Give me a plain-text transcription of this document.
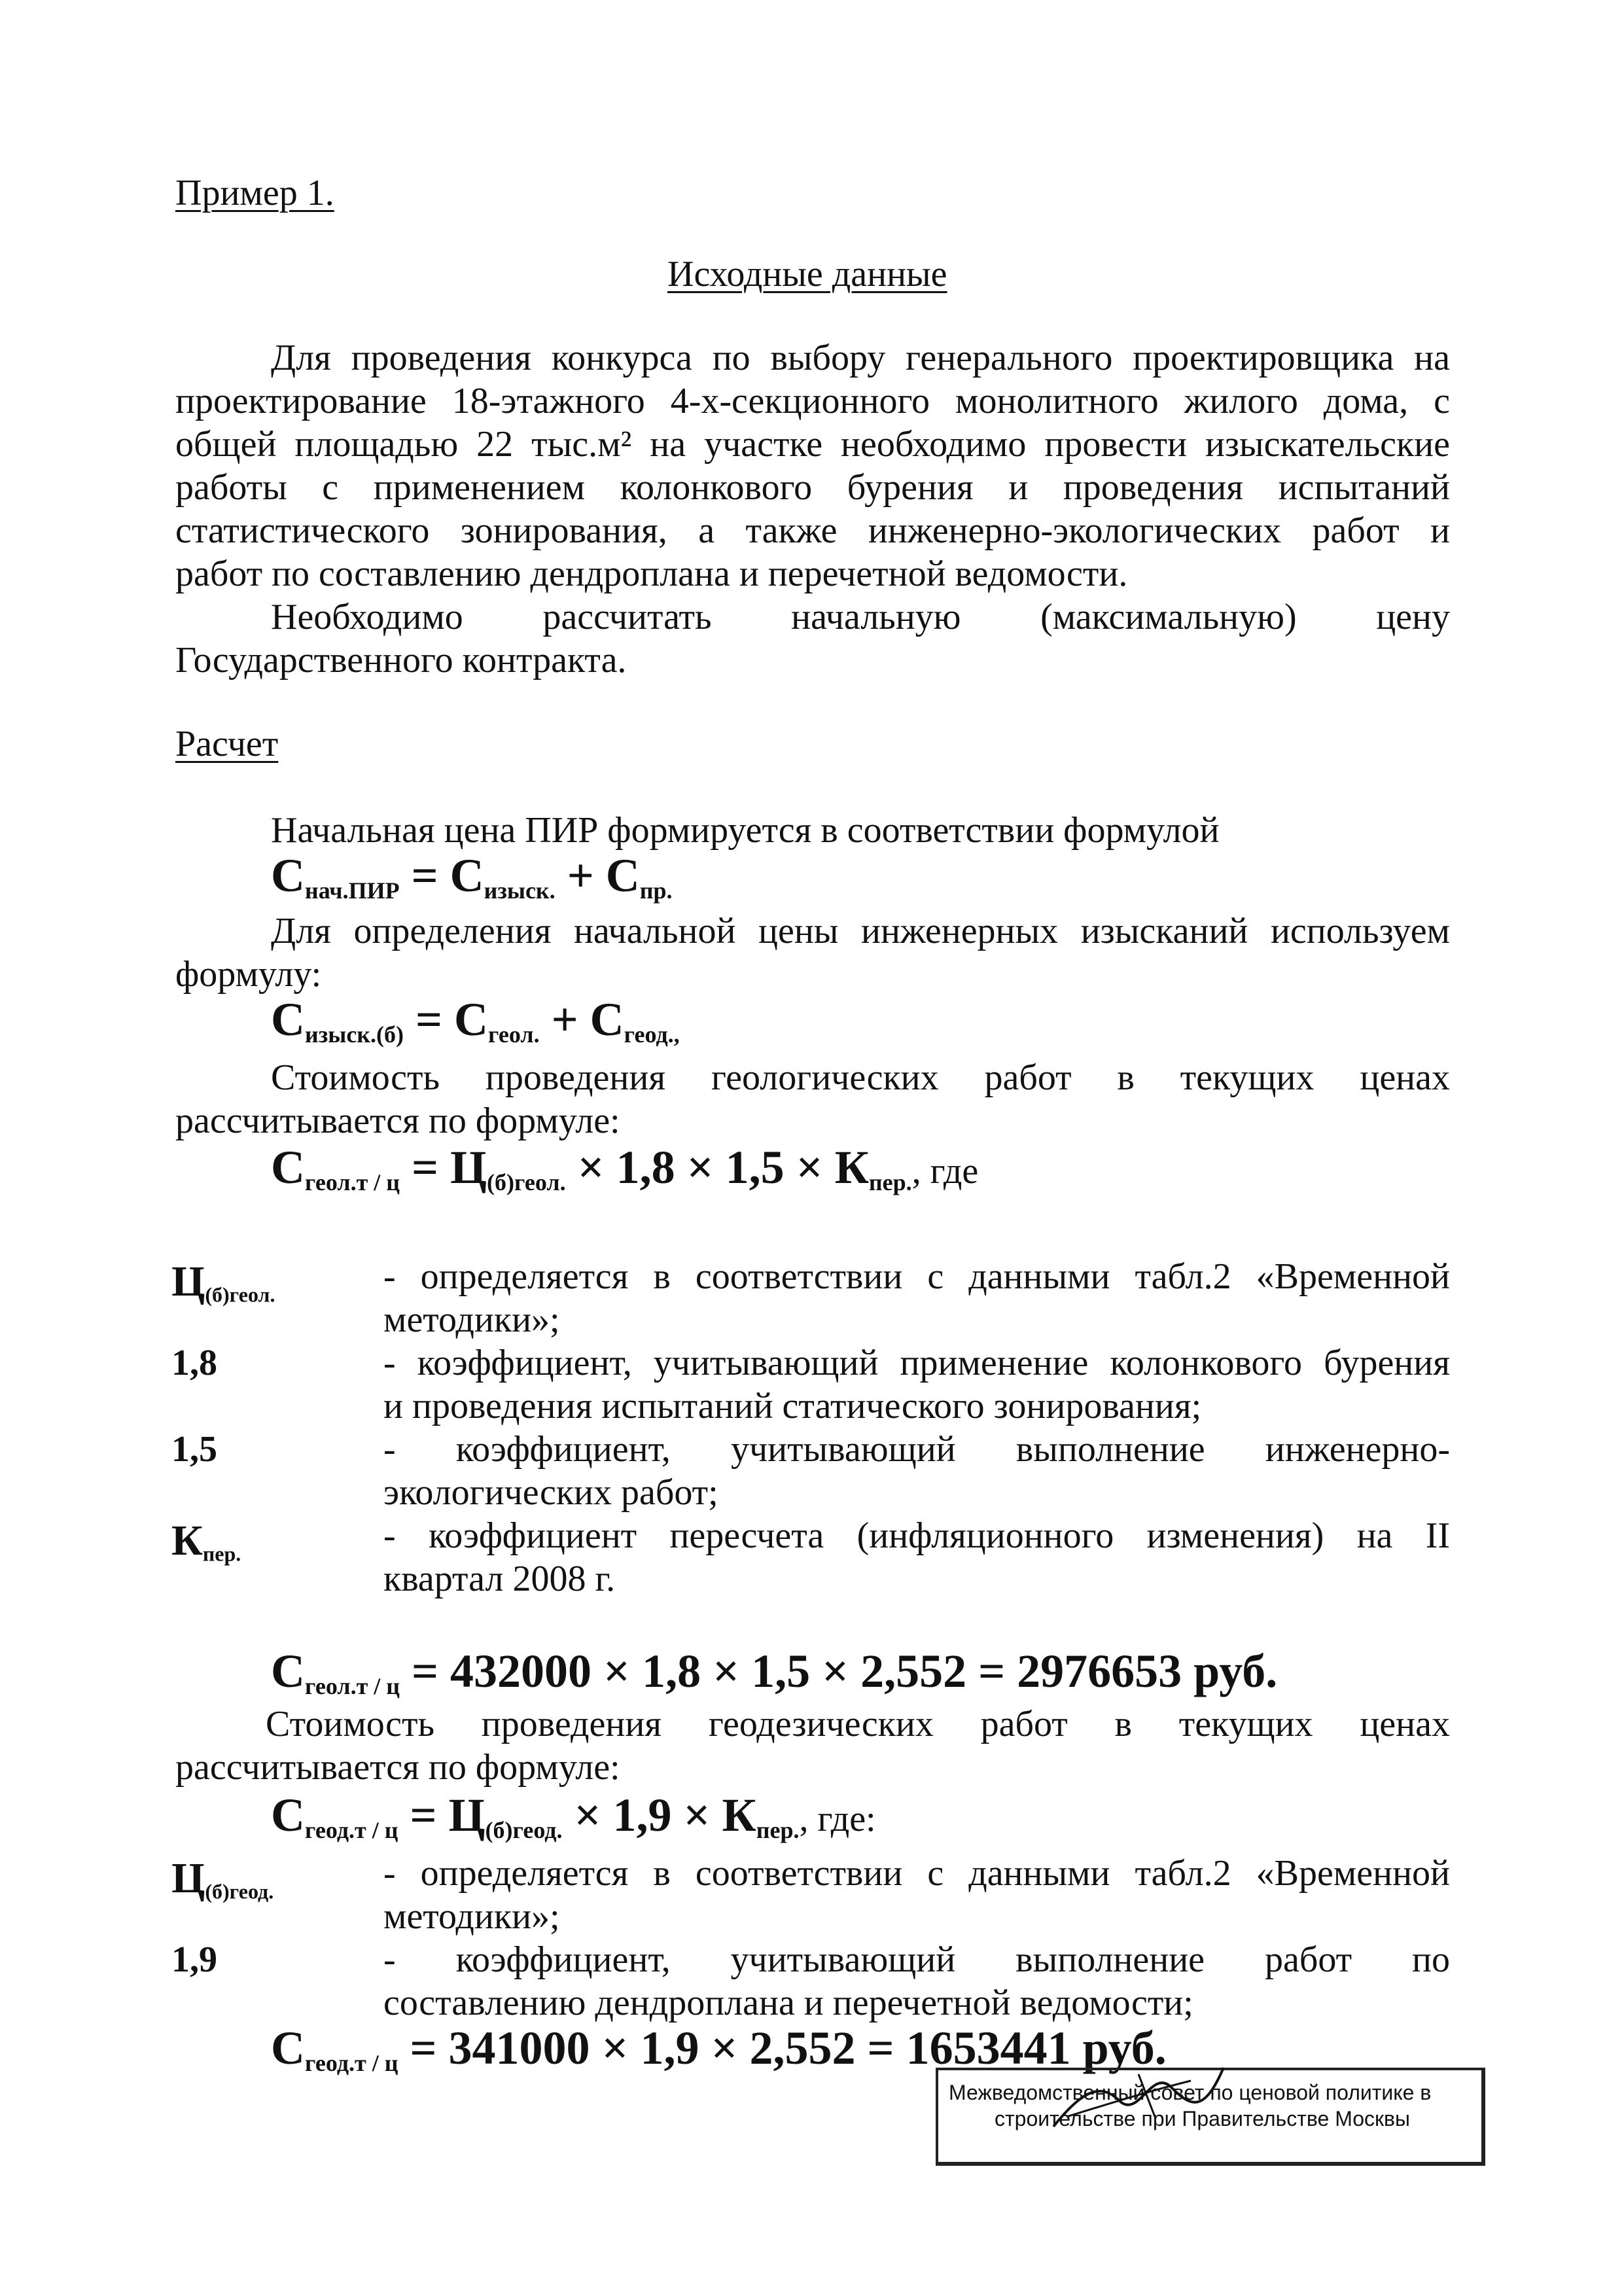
Пример 1.
Исходные данные
Для проведения конкурса по выбору генерального проектировщика на
проектирование 18-этажного 4-х-секционного монолитного жилого дома, с
общей площадью 22 тыс.м² на участке необходимо провести изыскательские
работы с применением колонкового бурения и проведения испытаний
статистического зонирования, а также инженерно-экологических работ и
работ по составлению дендроплана и перечетной ведомости.
Необходимо рассчитать начальную (максимальную) цену
Государственного контракта.
Расчет
Начальная цена ПИР формируется в соответствии формулой
$С_{нач.ПИР} = С_{изыск.} + С_{пр.}$
Для определения начальной цены инженерных изысканий используем
формулу:
$С_{изыск.(б)} = С_{геол.} + С_{геод.,}$
Стоимость проведения геологических работ в текущих ценах
рассчитывается по формуле:
$С_{геол.т / ц} = Ц_{(б)геол.} \times 1,8 \times 1,5 \times К_{пер.}$, где
$Ц_{(б)геол.}$	- определяется в соответствии с данными табл.2 «Временной
методики»;
1,8	- коэффициент, учитывающий применение колонкового бурения
и проведения испытаний статического зонирования;
1,5	- коэффициент, учитывающий выполнение инженерно-
экологических работ;
$К_{пер.}$	- коэффициент пересчета (инфляционного изменения) на II
квартал 2008 г.
$С_{геол.т / ц} = 432000 \times 1,8 \times 1,5 \times 2,552 = 2976653$ руб.
Стоимость проведения геодезических работ в текущих ценах
рассчитывается по формуле:
$С_{геод.т / ц} = Ц_{(б)геод.} \times 1,9 \times К_{пер.}$, где:
$Ц_{(б)геод.}$	- определяется в соответствии с данными табл.2 «Временной
методики»;
1,9	- коэффициент, учитывающий выполнение работ по
составлению дендроплана и перечетной ведомости;
$С_{геод.т / ц} = 341000 \times 1,9 \times 2,552 = 1653441$ руб.
Межведомственный совет по ценовой политике в
строительстве при Правительстве Москвы
